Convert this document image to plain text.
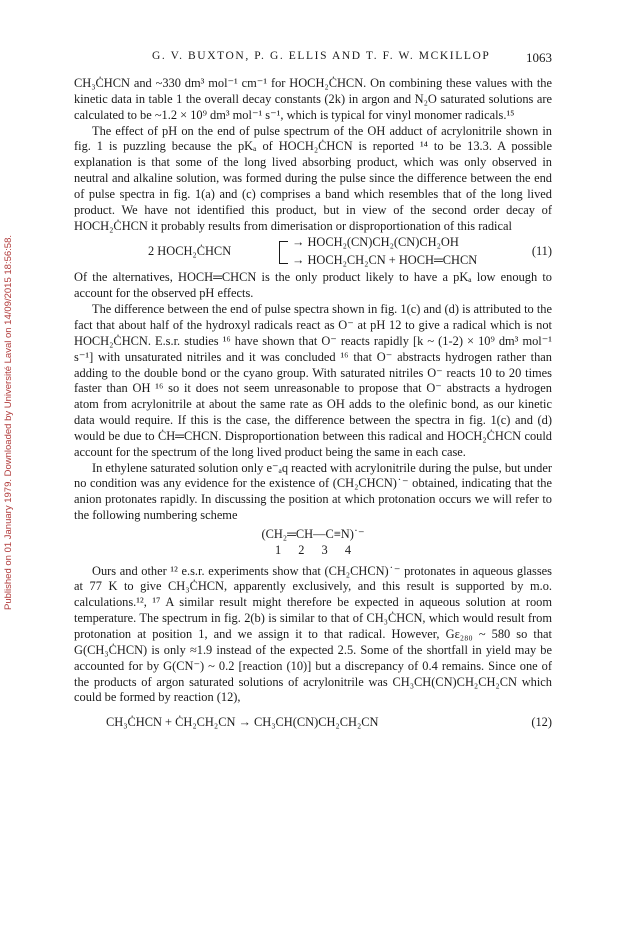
Published on 01 January 1979. Downloaded by Université Laval on 14/09/2015 18:56:58.
G. V. BUXTON, P. G. ELLIS AND T. F. W. MCKILLOP	1063

CH₃ĊHCN and ~330 dm³ mol⁻¹ cm⁻¹ for HOCH₂ĊHCN. On combining these values with the kinetic data in table 1 the overall decay constants (2k) in argon and N₂O saturated solutions are calculated to be ~1.2 × 10⁹ dm³ mol⁻¹ s⁻¹, which is typical for vinyl monomer radicals.¹⁵

The effect of pH on the end of pulse spectrum of the OH adduct of acrylonitrile shown in fig. 1 is puzzling because the pKₐ of HOCH₂ĊHCN is reported ¹⁴ to be 13.3. A possible explanation is that some of the long lived absorbing product, which was only observed in neutral and alkaline solution, was formed during the pulse since the difference between the end of pulse spectra in fig. 1(a) and (c) comprises a band which resembles that of the long lived product. We have not identified this product, but in view of the second order decay of HOCH₂ĊHCN it probably results from dimerisation or disproportionation of this radical

2 HOCH₂ĊHCN
→ HOCH₂(CN)CH₂(CN)CH₂OH
→ HOCH₂CH₂CN + HOCH═CHCN
(11)

Of the alternatives, HOCH═CHCN is the only product likely to have a pKₐ low enough to account for the observed pH effects.

The difference between the end of pulse spectra shown in fig. 1(c) and (d) is attributed to the fact that about half of the hydroxyl radicals react as O⁻ at pH 12 to give a radical which is not HOCH₂ĊHCN. E.s.r. studies ¹⁶ have shown that O⁻ reacts rapidly [k ~ (1-2) × 10⁹ dm³ mol⁻¹ s⁻¹] with unsaturated nitriles and it was concluded ¹⁶ that O⁻ abstracts hydrogen rather than adding to the double bond or the cyano group. With saturated nitriles O⁻ reacts 10 to 20 times faster than OH ¹⁶ so it does not seem unreasonable to propose that O⁻ abstracts a hydrogen atom from acrylonitrile at about the same rate as OH adds to the olefinic bond, as our kinetic data would require. If this is the case, the difference between the spectra in fig. 1(c) and (d) would be due to ĊH═CHCN. Disproportionation between this radical and HOCH₂ĊHCN could account for the spectrum of the long lived product being the same in each case.

In ethylene saturated solution only e⁻ₐq reacted with acrylonitrile during the pulse, but under no condition was any evidence for the existence of (CH₂CHCN)˙⁻ obtained, indicating that the anion protonates rapidly. In discussing the position at which protonation occurs we will refer to the following numbering scheme

(CH₂═CH—C≡N)˙⁻
1 2 3 4

Ours and other ¹² e.s.r. experiments show that (CH₂CHCN)˙⁻ protonates in aqueous glasses at 77 K to give CH₃ĊHCN, apparently exclusively, and this result is supported by m.o. calculations.¹², ¹⁷ A similar result might therefore be expected in aqueous solution at room temperature. The spectrum in fig. 2(b) is similar to that of CH₃ĊHCN, which would result from protonation at position 1, and we assign it to that radical. However, Gε₂₈₀ ~ 580 so that G(CH₃ĊHCN) is only ≈1.9 instead of the expected 2.5. Some of the shortfall in yield may be accounted for by G(CN⁻) ~ 0.2 [reaction (10)] but a discrepancy of 0.4 remains. Since one of the products of argon saturated solutions of acrylonitrile was CH₃CH(CN)CH₂CH₂CN which could be formed by reaction (12),

CH₃ĊHCN + ĊH₂CH₂CN → CH₃CH(CN)CH₂CH₂CN	(12)
